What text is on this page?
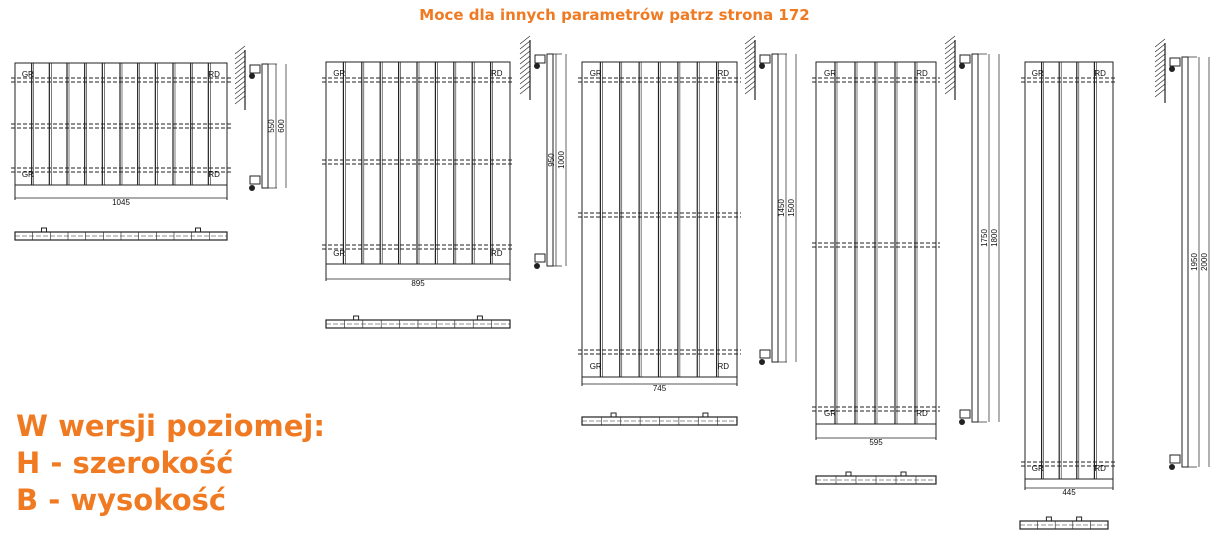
Moce dla innych parametrów patrz strona 172
W wersji poziomej:
H - szerokość
B - wysokość
GR	RD
GR	RD
1045
550 600
GR	RD
GR	RD
895
950 1000
GR	RD
GR	RD
745
1450 1500
GR	RD
GR	RD
595
1750 1800
GR	RD
GR	RD
445
1950 2000
